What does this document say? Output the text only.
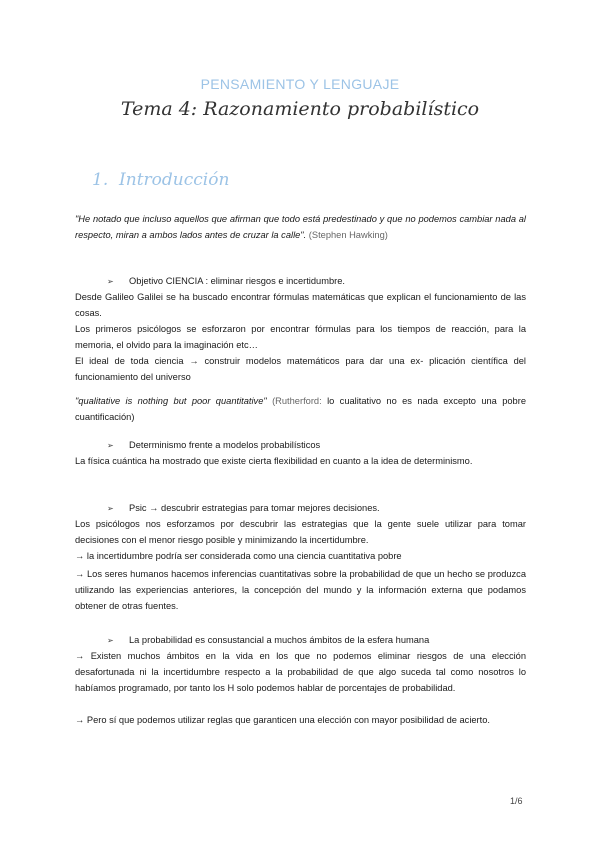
PENSAMIENTO Y LENGUAJE
Tema 4: Razonamiento probabilístico
1. Introducción
"He notado que incluso aquellos que afirman que todo está predestinado y que no podemos cambiar nada al respecto, miran a ambos lados antes de cruzar la calle". (Stephen Hawking)
➢ Objetivo CIENCIA : eliminar riesgos e incertidumbre.
Desde Galileo Galilei se ha buscado encontrar fórmulas matemáticas que explican el funcionamiento de las cosas.
Los primeros psicólogos se esforzaron por encontrar fórmulas para los tiempos de reacción, para la memoria, el olvido para la imaginación etc…
El ideal de toda ciencia → construir modelos matemáticos para dar una ex- plicación científica del funcionamiento del universo
"qualitative is nothing but poor quantitative" (Rutherford: lo cualitativo no es nada excepto una pobre cuantificación)
➢ Determinismo frente a modelos probabilísticos
La física cuántica ha mostrado que existe cierta flexibilidad en cuanto a la idea de determinismo.
➢ Psic → descubrir estrategias para tomar mejores decisiones.
Los psicólogos nos esforzamos por descubrir las estrategias que la gente suele utilizar para tomar decisiones con el menor riesgo posible y minimizando la incertidumbre.
→ la incertidumbre podría ser considerada como una ciencia cuantitativa pobre
→ Los seres humanos hacemos inferencias cuantitativas sobre la probabilidad de que un hecho se produzca utilizando las experiencias anteriores, la concepción del mundo y la información externa que podamos obtener de otras fuentes.
➢ La probabilidad es consustancial a muchos ámbitos de la esfera humana
→ Existen muchos ámbitos en la vida en los que no podemos eliminar riesgos de una elección desafortunada ni la incertidumbre respecto a la probabilidad de que algo suceda tal como nosotros lo habíamos programado, por tanto los H solo podemos hablar de porcentajes de probabilidad.
→ Pero sí que podemos utilizar reglas que garanticen una elección con mayor posibilidad de acierto.
1/6
